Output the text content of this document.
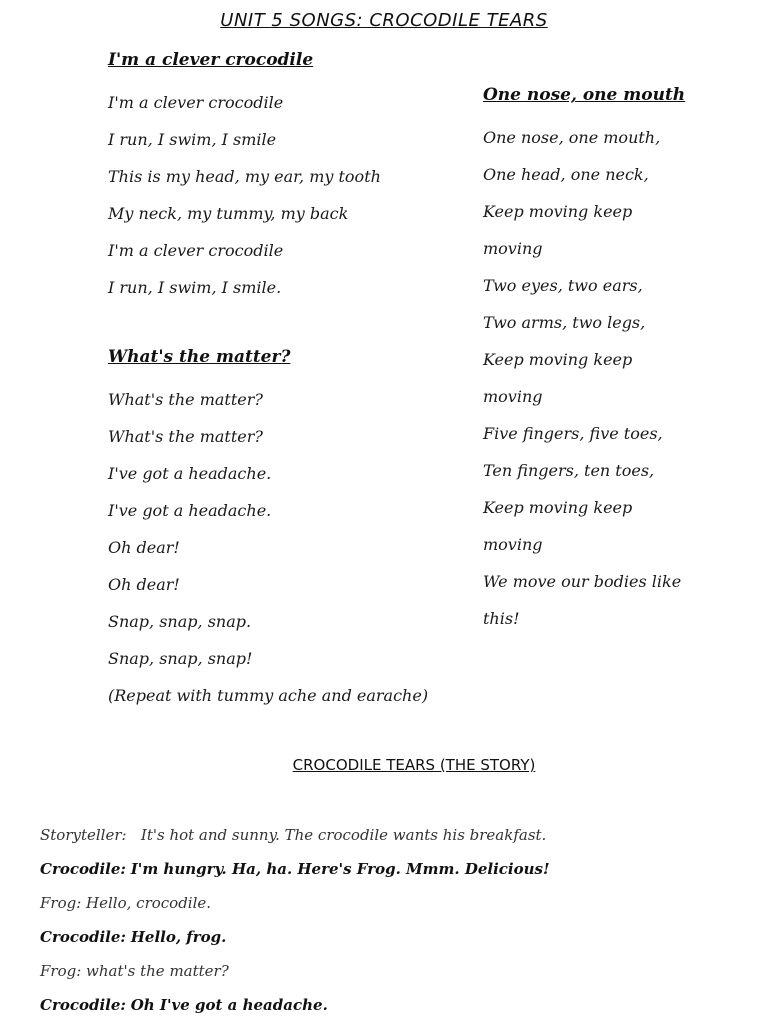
UNIT 5 SONGS: CROCODILE TEARS
I'm a clever crocodile
I'm a clever crocodile
I run, I swim, I smile
This is my head, my ear, my tooth
My neck, my tummy, my back
I'm a clever crocodile
I run, I swim, I smile.
What's the matter?
What's the matter?
What's the matter?
I've got a headache.
I've got a headache.
Oh dear!
Oh dear!
Snap, snap, snap.
Snap, snap, snap!
(Repeat with tummy ache and earache)
One nose, one mouth
One nose, one mouth,
One head, one neck,
Keep moving keep
moving
Two eyes, two ears,
Two arms, two legs,
Keep moving keep
moving
Five fingers, five toes,
Ten fingers, ten toes,
Keep moving keep
moving
We move our bodies like
this!
CROCODILE TEARS (THE STORY)
Storyteller: It's hot and sunny. The crocodile wants his breakfast.
Crocodile: I'm hungry. Ha, ha. Here's Frog. Mmm. Delicious!
Frog: Hello, crocodile.
Crocodile: Hello, frog.
Frog: what's the matter?
Crocodile: Oh I've got a headache.
